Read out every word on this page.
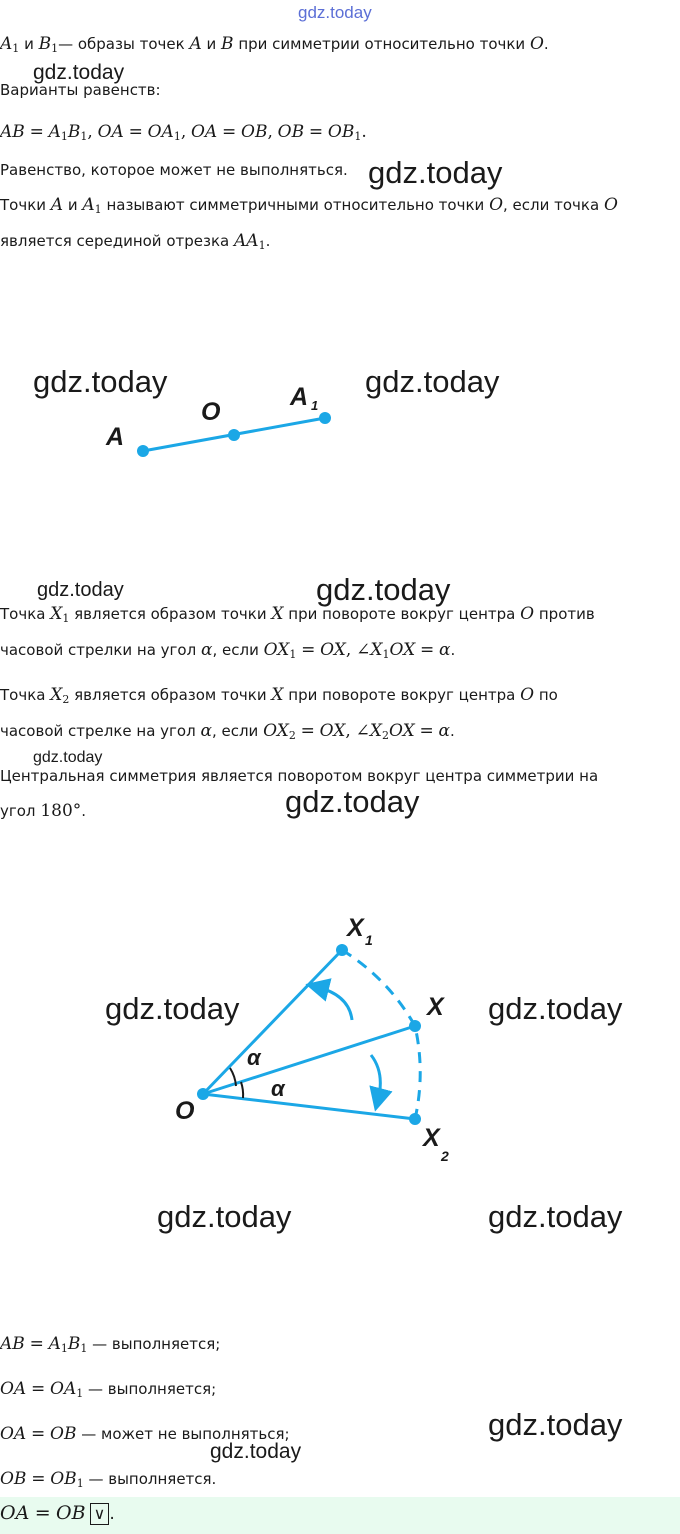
gdz.today
$A_1$ и $B_1—$ образы точек A и B при симметрии относительно точки O.
gdz.today
Варианты равенств:
AB = $A_1B_1$, OA = $OA_1$, OA = OB, OB = $OB_1$.
Равенство, которое может не выполняться. gdz.today
Точки A и $A_1$ называют симметричными относительно точки O, если точка O
является серединой отрезка $AA_1$.
gdz.today	gdz.today
A
O
A 1
gdz.today	gdz.today
Точка $X_1$ является образом точки X при повороте вокруг центра O против
часовой стрелки на угол α, если $OX_1$ = OX, $\angle X_1OX = \alpha$.
Точка $X_2$ является образом точки X при повороте вокруг центра O по
часовой стрелке на угол α, если $OX_2$ = OX, $\angle X_2OX = \alpha$.
gdz.today
Центральная симметрия является поворотом вокруг центра симметрии на
угол 180°.	gdz.today
gdz.today	gdz.today
O
X 1
X
X
2
α
α
gdz.today	gdz.today
AB = $A_1B_1$ — выполняется;
OA = $OA_1$ — выполняется;
OA = OB — может не выполняться;	gdz.today
gdz.today
OB = $OB_1$ — выполняется.
OA = OB ∨ .
